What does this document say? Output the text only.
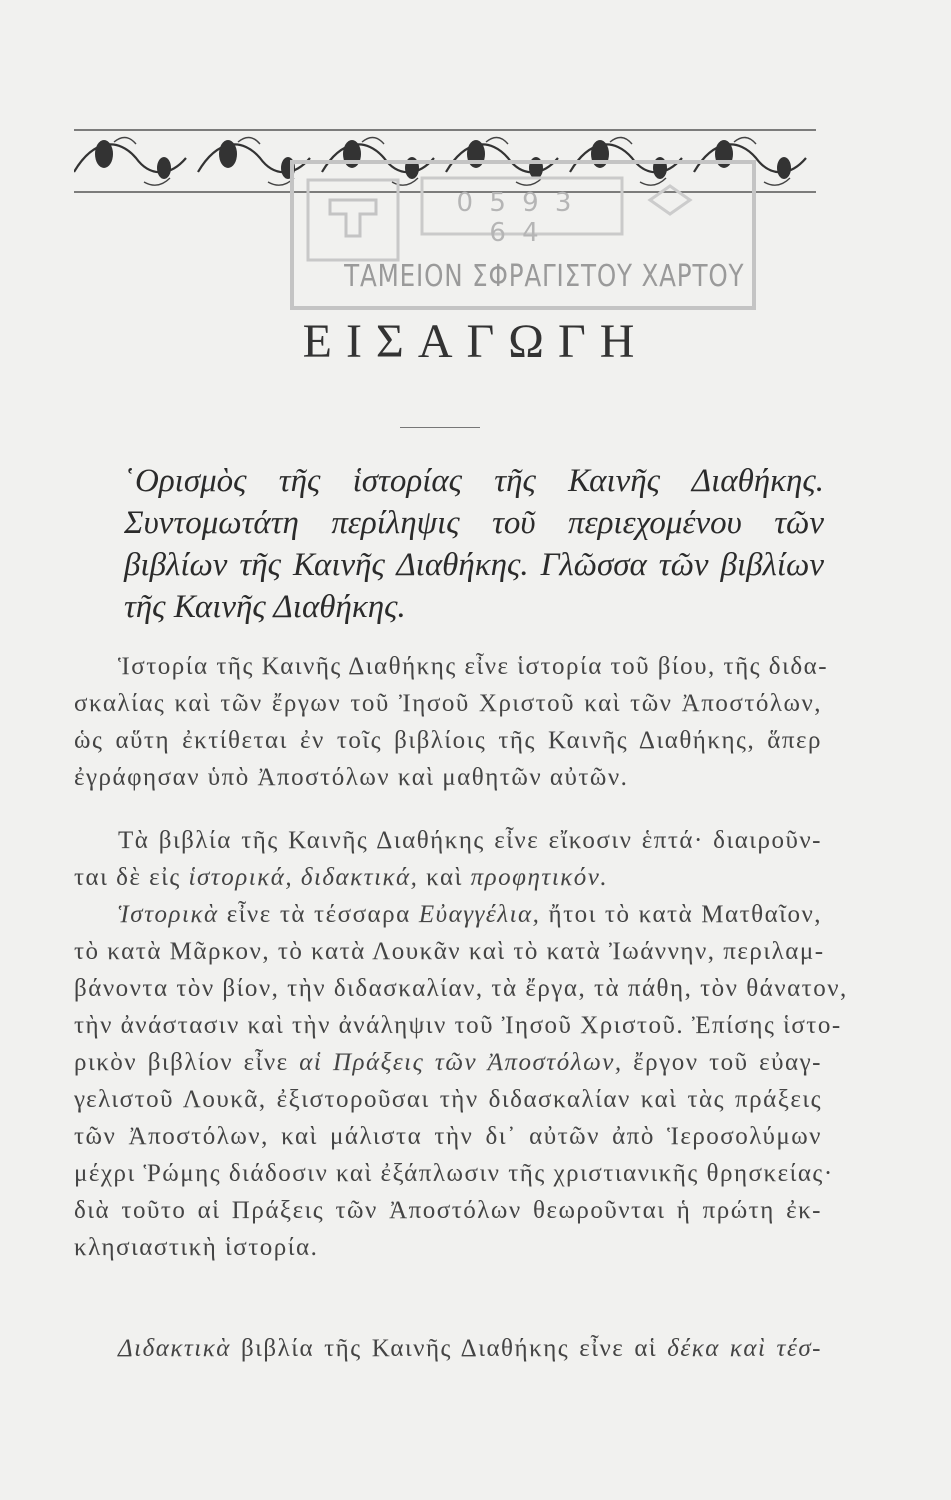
0 5 9 3 6 4
ΤΑΜΕΙΟΝ ΣΦΡΑΓΙΣΤΟΥ ΧΑΡΤΟΥ
ΕΙΣΑΓΩΓΗ
῾Ορισμὸς τῆς ἱστορίας τῆς Καινῆς Διαθήκης. Συντομωτάτη περίληψις τοῦ περιεχομένου τῶν βιβλίων τῆς Καινῆς Διαθήκης. Γλῶσσα τῶν βιβλίων τῆς Καινῆς Διαθήκης.
Ἱστορία τῆς Καινῆς Διαθήκης εἶνε ἱστορία τοῦ βίου, τῆς διδα-
σκαλίας καὶ τῶν ἔργων τοῦ Ἰησοῦ Χριστοῦ καὶ τῶν Ἀποστόλων,
ὡς αὕτη ἐκτίθεται ἐν τοῖς βιβλίοις τῆς Καινῆς Διαθήκης, ἅπερ
ἐγράφησαν ὑπὸ Ἀποστόλων καὶ μαθητῶν αὐτῶν.
Τὰ βιβλία τῆς Καινῆς Διαθήκης εἶνε εἴκοσιν ἑπτά· διαιροῦν-
ται δὲ εἰς ἱστορικά, διδακτικά, καὶ προφητικόν.
Ἱστορικὰ εἶνε τὰ τέσσαρα Εὐαγγέλια, ἤτοι τὸ κατὰ Ματθαῖον,
τὸ κατὰ Μᾶρκον, τὸ κατὰ Λουκᾶν καὶ τὸ κατὰ Ἰωάννην, περιλαμ-
βάνοντα τὸν βίον, τὴν διδασκαλίαν, τὰ ἔργα, τὰ πάθη, τὸν θάνατον,
τὴν ἀνάστασιν καὶ τὴν ἀνάληψιν τοῦ Ἰησοῦ Χριστοῦ. Ἐπίσης ἱστο-
ρικὸν βιβλίον εἶνε αἱ Πράξεις τῶν Ἀποστόλων, ἔργον τοῦ εὐαγ-
γελιστοῦ Λουκᾶ, ἐξιστοροῦσαι τὴν διδασκαλίαν καὶ τὰς πράξεις
τῶν Ἀποστόλων, καὶ μάλιστα τὴν δι᾽ αὐτῶν ἀπὸ Ἱεροσολύμων
μέχρι Ῥώμης διάδοσιν καὶ ἐξάπλωσιν τῆς χριστιανικῆς θρησκείας·
διὰ τοῦτο αἱ Πράξεις τῶν Ἀποστόλων θεωροῦνται ἡ πρώτη ἐκ-
κλησιαστικὴ ἱστορία.
Διδακτικὰ βιβλία τῆς Καινῆς Διαθήκης εἶνε αἱ δέκα καὶ τέσ-
